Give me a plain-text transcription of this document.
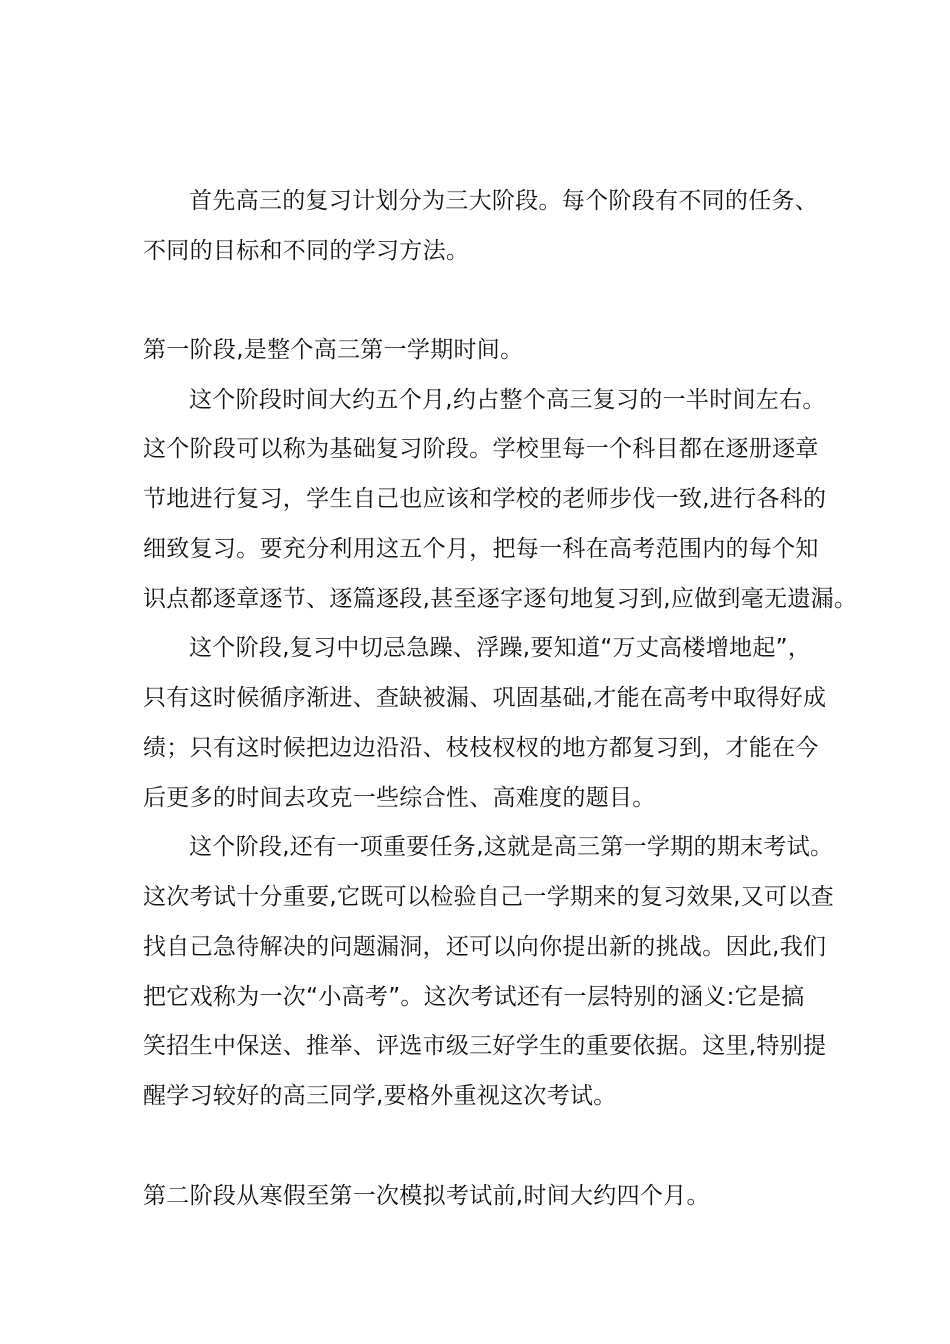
首先高三的复习计划分为三大阶段。每个阶段有不同的任务、
不同的目标和不同的学习方法。
第一阶段,是整个高三第一学期时间。
这个阶段时间大约五个月,约占整个高三复习的一半时间左右。
这个阶段可以称为基础复习阶段。学校里每一个科目都在逐册逐章
节地进行复习，学生自己也应该和学校的老师步伐一致,进行各科的
细致复习。要充分利用这五个月，把每一科在高考范围内的每个知
识点都逐章逐节、逐篇逐段,甚至逐字逐句地复习到,应做到毫无遗漏。
这个阶段,复习中切忌急躁、浮躁,要知道“万丈高楼增地起”，
只有这时候循序渐进、查缺被漏、巩固基础,才能在高考中取得好成
绩；只有这时候把边边沿沿、枝枝杈杈的地方都复习到，才能在今
后更多的时间去攻克一些综合性、高难度的题目。
这个阶段,还有一项重要任务,这就是高三第一学期的期末考试。
这次考试十分重要,它既可以检验自己一学期来的复习效果,又可以查
找自己急待解决的问题漏洞，还可以向你提出新的挑战。因此,我们
把它戏称为一次“小高考”。这次考试还有一层特别的涵义:它是搞
笑招生中保送、推举、评选市级三好学生的重要依据。这里,特别提
醒学习较好的高三同学,要格外重视这次考试。
第二阶段从寒假至第一次模拟考试前,时间大约四个月。
